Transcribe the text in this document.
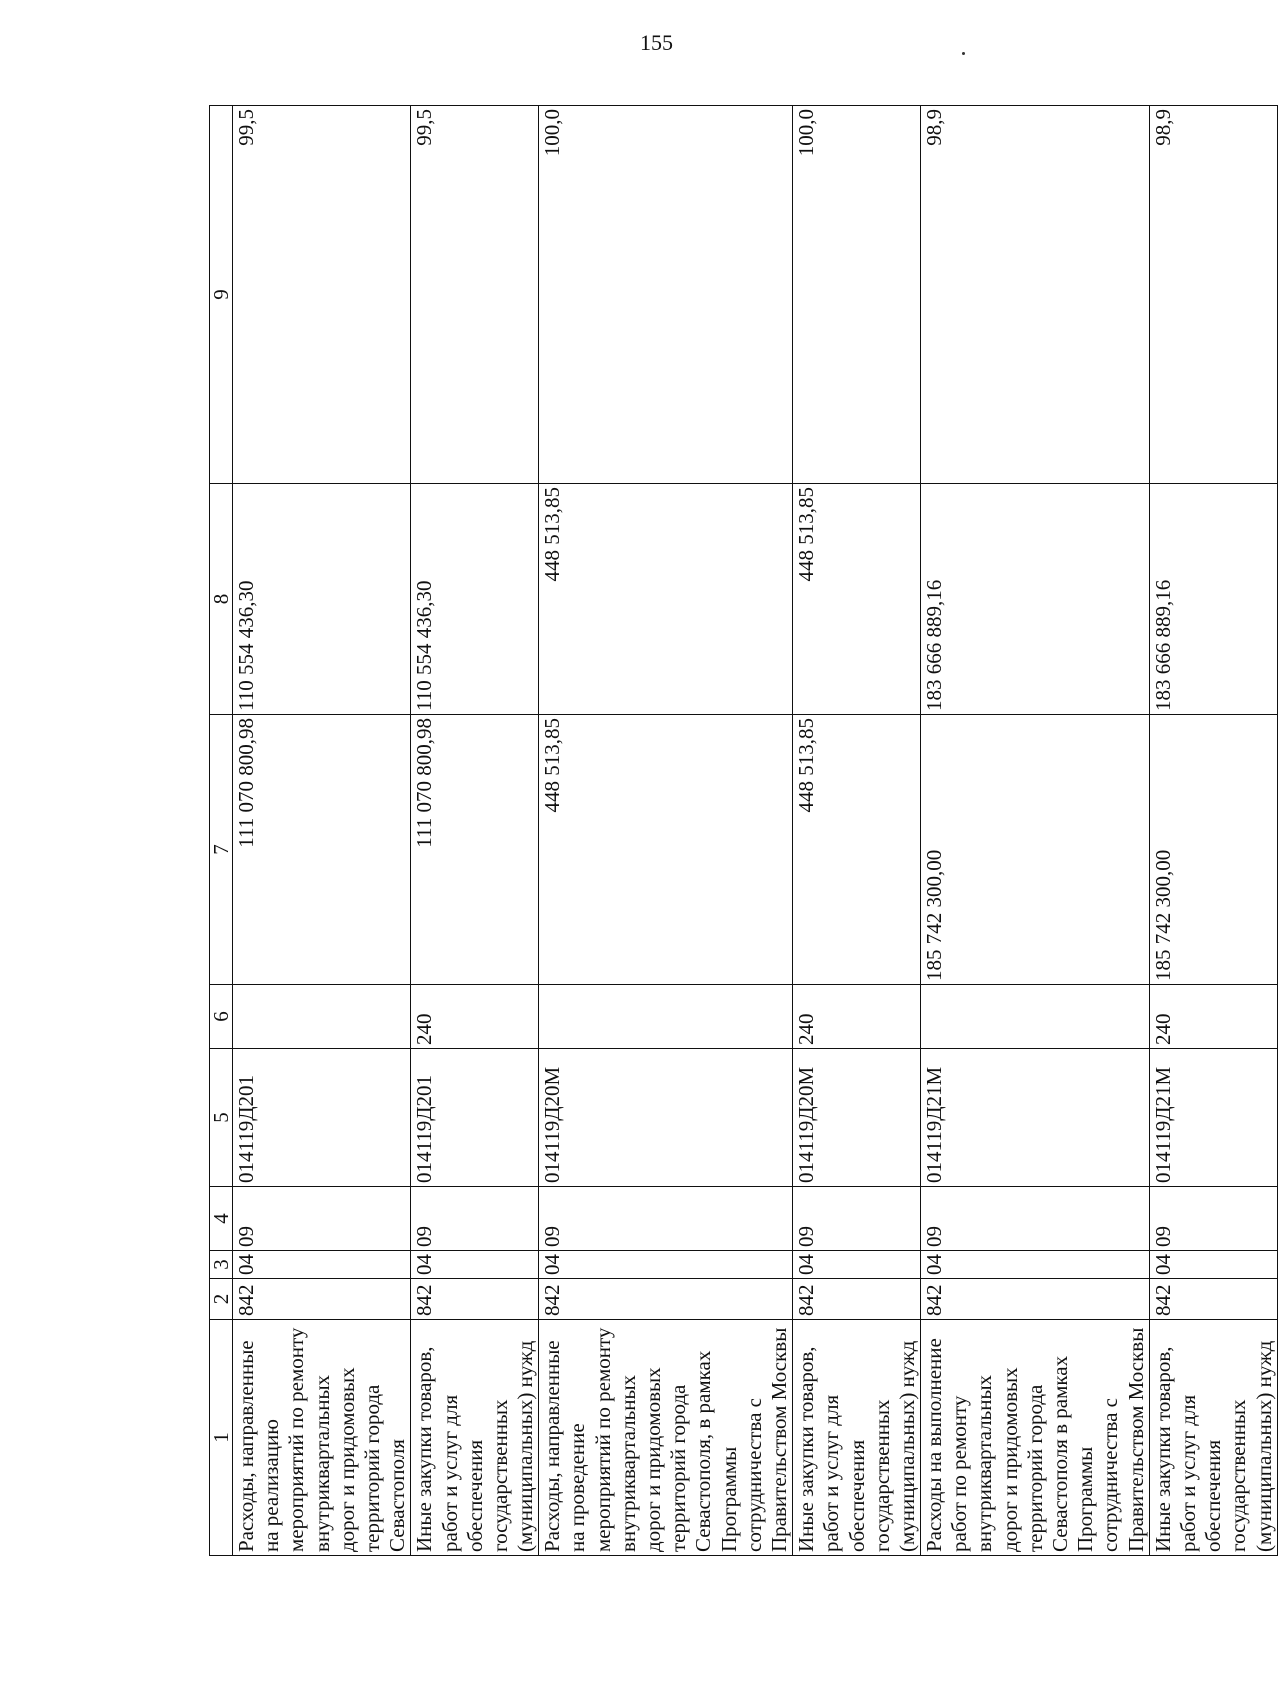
155
1	2	3	4	5	6	7	8	9
Расходы, направленные на реализацию мероприятий по ремонту внутриквартальных дорог и придомовых территорий города Севастополя	842	04	09	014119Д201		111 070 800,98	110 554 436,30	99,5
Иные закупки товаров, работ и услуг для обеспечения государственных (муниципальных) нужд	842	04	09	014119Д201	240	111 070 800,98	110 554 436,30	99,5
Расходы, направленные на проведение мероприятий по ремонту внутриквартальных дорог и придомовых территорий города Севастополя, в рамках Программы сотрудничества с Правительством Москвы	842	04	09	014119Д20М		448 513,85	448 513,85	100,0
Иные закупки товаров, работ и услуг для обеспечения государственных (муниципальных) нужд	842	04	09	014119Д20М	240	448 513,85	448 513,85	100,0
Расходы на выполнение работ по ремонту внутриквартальных дорог и придомовых территорий города Севастополя в рамках Программы сотрудничества с Правительством Москвы	842	04	09	014119Д21М		185 742 300,00	183 666 889,16	98,9
Иные закупки товаров, работ и услуг для обеспечения государственных (муниципальных) нужд	842	04	09	014119Д21М	240	185 742 300,00	183 666 889,16	98,9
